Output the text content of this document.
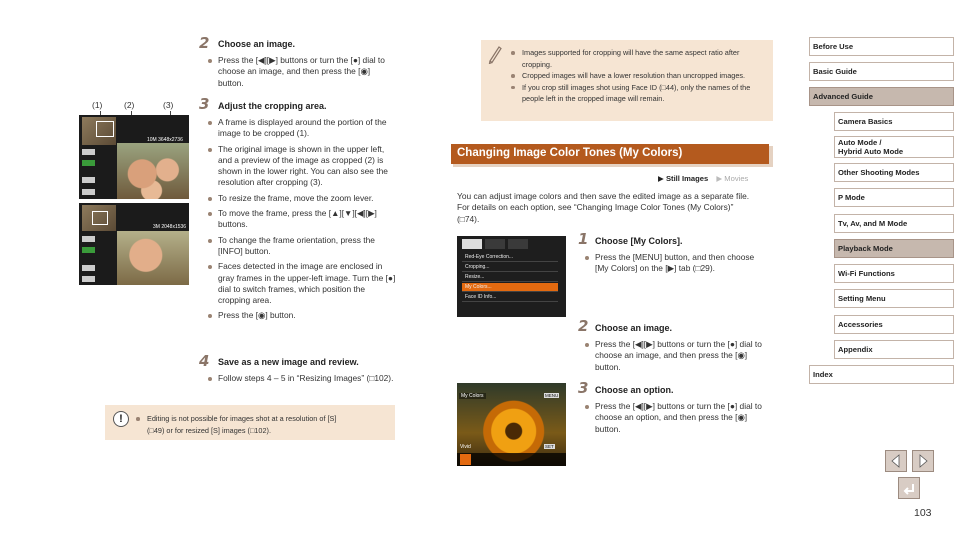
2 Choose an image.
Press the [◀][▶] buttons or turn the [●] dial to choose an image, and then press the [◉] button.
(1)	(2)	(3)
10M 3648x2736
3M 2048x1536
3 Adjust the cropping area.
A frame is displayed around the portion of the image to be cropped (1).
The original image is shown in the upper left, and a preview of the image as cropped (2) is shown in the lower right. You can also see the resolution after cropping (3).
To resize the frame, move the zoom lever.
To move the frame, press the [▲][▼][◀][▶] buttons.
To change the frame orientation, press the [INFO] button.
Faces detected in the image are enclosed in gray frames in the upper-left image. Turn the [●] dial to switch frames, which position the cropping area.
Press the [◉] button.
4 Save as a new image and review.
Follow steps 4 – 5 in “Resizing Images” (□102).
!	Editing is not possible for images shot at a resolution of [S]
(□49) or for resized [S] images (□102).
Images supported for cropping will have the same aspect ratio after cropping.
Cropped images will have a lower resolution than uncropped images.
If you crop still images shot using Face ID (□44), only the names of the people left in the cropped image will remain.
Changing Image Color Tones (My Colors)
▶ Still Images ▶ Movies
You can adjust image colors and then save the edited image as a separate file. For details on each option, see “Changing Image Color Tones (My Colors)” (□74).
Red-Eye Correction...
Cropping...
Resize...
My Colors...
Face ID Info...
1 Choose [My Colors].
Press the [MENU] button, and then choose [My Colors] on the [▶] tab (□29).
2 Choose an image.
Press the [◀][▶] buttons or turn the [●] dial to choose an image, and then press the [◉] button.
My Colors	MENU
Vivid	SET
3 Choose an option.
Press the [◀][▶] buttons or turn the [●] dial to choose an option, and then press the [◉] button.
Before Use
Basic Guide
Advanced Guide
Camera Basics
Auto Mode /
Hybrid Auto Mode
Other Shooting Modes
P Mode
Tv, Av, and M Mode
Playback Mode
Wi-Fi Functions
Setting Menu
Accessories
Appendix
Index
103
